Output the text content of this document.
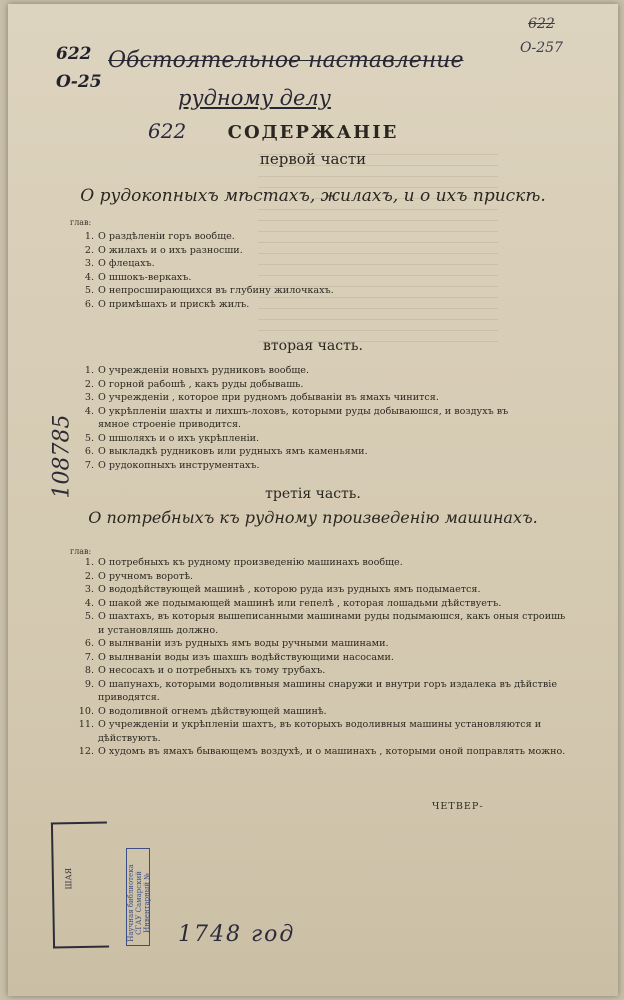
622
О-25
622
О-257
Обстоятельное наставление
рудному делу
622	СОДЕРЖАНIЕ
первой части
О рудокопныхъ мѣстахъ, жилахъ, и о ихъ прискѣ.
глав:
1. О раздѣленiи горъ вообще.
2. О жилахъ и о ихъ разносши.
3. О флецахъ.
4. О шшокъ-веркахъ.
5. О непросширающихся въ глубину жилочкахъ.
6. О примѣшахъ и прискѣ жилъ.
вторая часть.
1. О учрежденiи новыхъ рудниковъ вообще.
2. О горной рабошѣ , какъ руды добывашь.
3. О учрежденiи , которое при рудномъ добыванiи въ ямахъ чинится.
4. О укрѣпленiи шахты и лихшъ-лоховъ, которыми руды добываюшся, и воздухъ въ ямное строенiе приводится.
5. О шшоляхъ и о ихъ укрѣпленiи.
6. О выкладкѣ рудниковъ или рудныхъ ямъ каменьями.
7. О рудокопныхъ инструментахъ.
третiя часть.
О потребныхъ къ рудному произведенiю машинахъ.
глав:
1. О потребныхъ къ рудному произведенiю машинахъ вообще.
2. О ручномъ воротѣ.
3. О вододѣйствующей машинѣ , которою руда изъ рудныхъ ямъ подымается.
4. О шакой же подымающей машинѣ или гепелѣ , которая лошадьми дѣйствуетъ.
5. О шахтахъ, въ которыя вышеписанными машинами руды подымаюшся, какъ оныя строишь и установляшь должно.
6. О вылнванiи изъ рудныхъ ямъ воды ручными машинами.
7. О вылнванiи воды изъ шахшъ водѣйствующими насосами.
8. О несосахъ и о потребныхъ къ тому трубахъ.
9. О шапунахъ, которыми водоливныя машины снаружи и внутри горъ издалека въ дѣйствiе приводятся.
10. О водоливной огнемъ дѣйствующей машинѣ.
11. О учрежденiи и укрѣпленiи шахтъ, въ которыхъ водоливныя машины установляются и дѣйствуютъ.
12. О худомъ въ ямахъ бывающемъ воздухѣ, и о машинахъ , которыми оной поправлять можно.
ЧЕТВЕР-
108785
ШАЯ	Научная библиотека СГАУ Самарский Инвентарный №
1748 год
